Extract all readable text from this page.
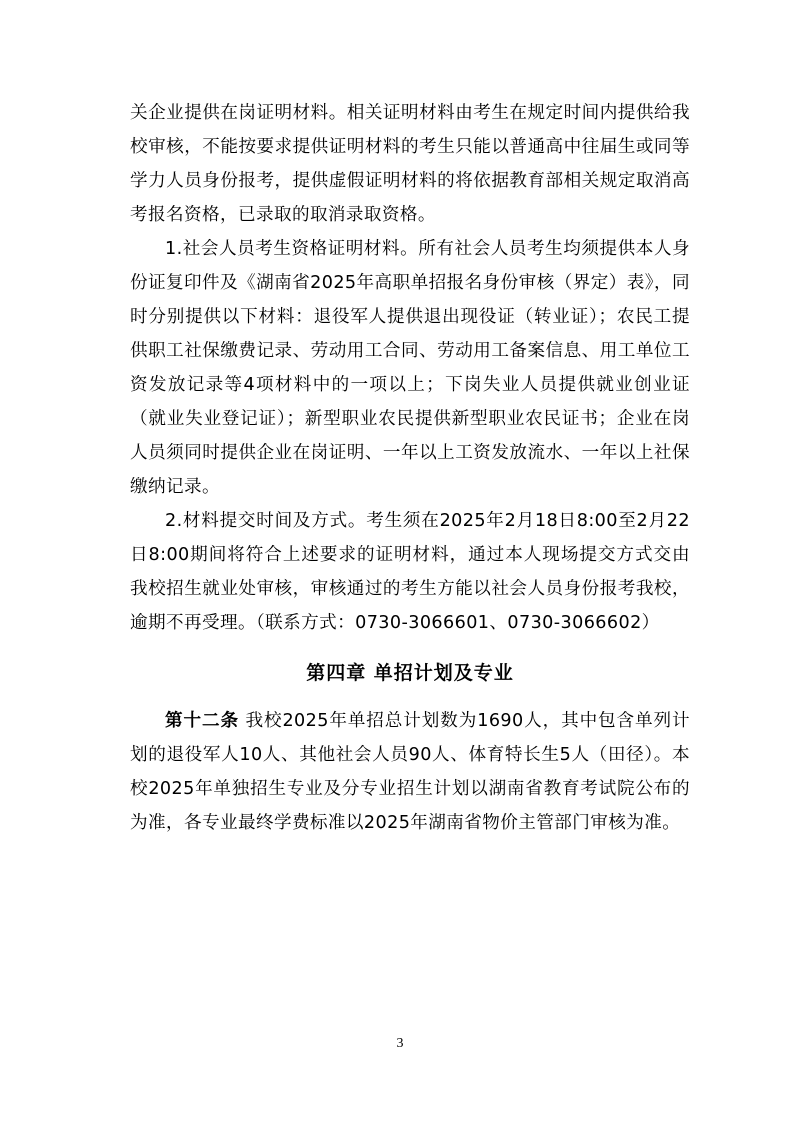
关企业提供在岗证明材料。相关证明材料由考生在规定时间内提供给我校审核，不能按要求提供证明材料的考生只能以普通高中往届生或同等学力人员身份报考，提供虚假证明材料的将依据教育部相关规定取消高考报名资格，已录取的取消录取资格。

1.社会人员考生资格证明材料。所有社会人员考生均须提供本人身份证复印件及《湖南省2025年高职单招报名身份审核（界定）表》，同时分别提供以下材料：退役军人提供退出现役证（转业证）；农民工提供职工社保缴费记录、劳动用工合同、劳动用工备案信息、用工单位工资发放记录等4项材料中的一项以上；下岗失业人员提供就业创业证（就业失业登记证）；新型职业农民提供新型职业农民证书；企业在岗人员须同时提供企业在岗证明、一年以上工资发放流水、一年以上社保缴纳记录。

2.材料提交时间及方式。考生须在2025年2月18日8:00至2月22日8:00期间将符合上述要求的证明材料，通过本人现场提交方式交由我校招生就业处审核，审核通过的考生方能以社会人员身份报考我校，逾期不再受理。（联系方式：0730-3066601、0730-3066602）

第四章 单招计划及专业

第十二条 我校2025年单招总计划数为1690人，其中包含单列计划的退役军人10人、其他社会人员90人、体育特长生5人（田径）。本校2025年单独招生专业及分专业招生计划以湖南省教育考试院公布的为准，各专业最终学费标准以2025年湖南省物价主管部门审核为准。

3
